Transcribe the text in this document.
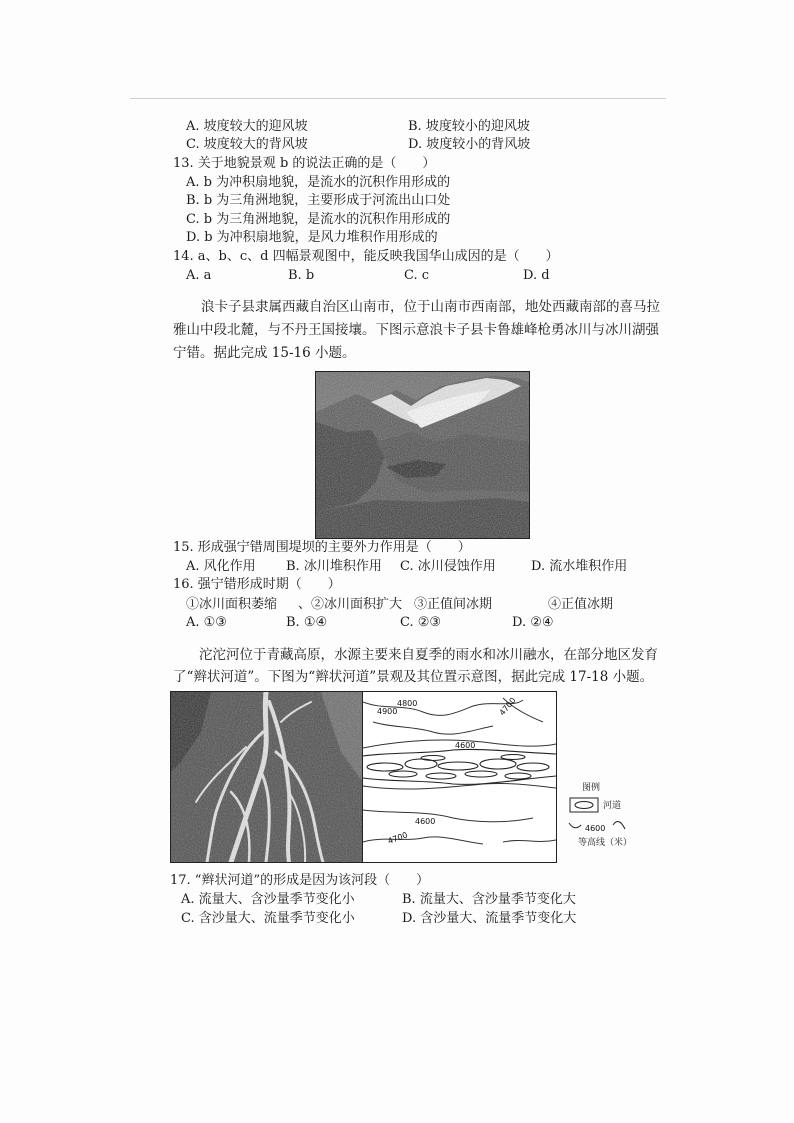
A. 坡度较大的迎风坡	B. 坡度较小的迎风坡
C. 坡度较大的背风坡	D. 坡度较小的背风坡
13. 关于地貌景观 b 的说法正确的是（　　）
A. b 为冲积扇地貌，是流水的沉积作用形成的
B. b 为三角洲地貌，主要形成于河流出山口处
C. b 为三角洲地貌，是流水的沉积作用形成的
D. b 为冲积扇地貌，是风力堆积作用形成的
14. a、b、c、d 四幅景观图中，能反映我国华山成因的是（　　）
A. a	B. b	C. c	D. d
浪卡子县隶属西藏自治区山南市，位于山南市西南部，地处西藏南部的喜马拉
雅山中段北麓，与不丹王国接壤。下图示意浪卡子县卡鲁雄峰枪勇冰川与冰川湖强
宁错。据此完成 15-16 小题。
15. 形成强宁错周围堤坝的主要外力作用是（　　）
A. 风化作用 B. 冰川堆积作用 C. 冰川侵蚀作用	D. 流水堆积作用
16. 强宁错形成时期（　　）
①冰川面积萎缩 、②冰川面积扩大 ③正值间冰期	④正值冰期
A. ①③	B. ①④	C. ②③	D. ②④
沱沱河位于青藏高原，水源主要来自夏季的雨水和冰川融水，在部分地区发育
了“辫状河道”。下图为“辫状河道”景观及其位置示意图，据此完成 17-18 小题。
4900
4800	4700
4600
4600
4700
图例
河道
4600
等高线（米）
17. “辫状河道”的形成是因为该河段（　　）
A. 流量大、含沙量季节变化小	B. 流量大、含沙量季节变化大
C. 含沙量大、流量季节变化小	D. 含沙量大、流量季节变化大
